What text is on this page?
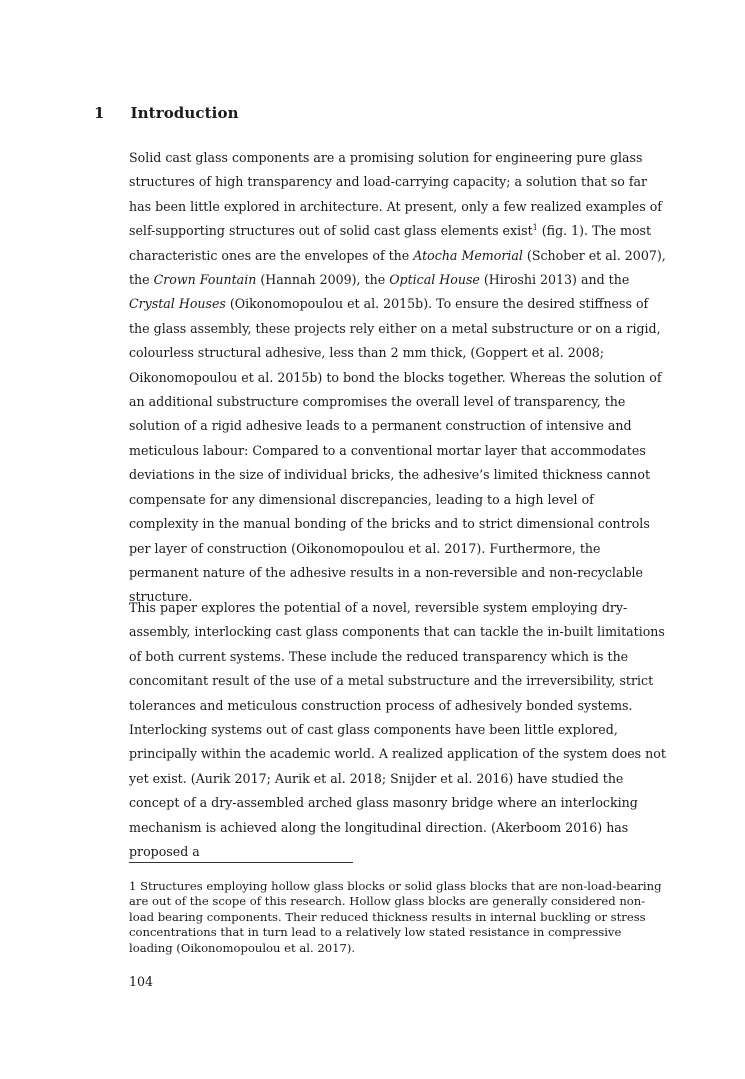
1 Introduction

Solid cast glass components are a promising solution for engineering pure glass structures of high transparency and load-carrying capacity; a solution that so far has been little explored in architecture. At present, only a few realized examples of self-supporting structures out of solid cast glass elements exist$^1$ (fig. 1). The most characteristic ones are the envelopes of the Atocha Memorial (Schober et al. 2007), the Crown Fountain (Hannah 2009), the Optical House (Hiroshi 2013) and the Crystal Houses (Oikonomopoulou et al. 2015b). To ensure the desired stiffness of the glass assembly, these projects rely either on a metal substructure or on a rigid, colourless structural adhesive, less than 2 mm thick, (Goppert et al. 2008; Oikonomopoulou et al. 2015b) to bond the blocks together. Whereas the solution of an additional substructure compromises the overall level of transparency, the solution of a rigid adhesive leads to a permanent construction of intensive and meticulous labour: Compared to a conventional mortar layer that accommodates deviations in the size of individual bricks, the adhesive’s limited thickness cannot compensate for any dimensional discrepancies, leading to a high level of complexity in the manual bonding of the bricks and to strict dimensional controls per layer of construction (Oikonomopoulou et al. 2017). Furthermore, the permanent nature of the adhesive results in a non-reversible and non-recyclable structure.

This paper explores the potential of a novel, reversible system employing dry-assembly, interlocking cast glass components that can tackle the in-built limitations of both current systems. These include the reduced transparency which is the concomitant result of the use of a metal substructure and the irreversibility, strict tolerances and meticulous construction process of adhesively bonded systems. Interlocking systems out of cast glass components have been little explored, principally within the academic world. A realized application of the system does not yet exist. (Aurik 2017; Aurik et al. 2018; Snijder et al. 2016) have studied the concept of a dry-assembled arched glass masonry bridge where an interlocking mechanism is achieved along the longitudinal direction. (Akerboom 2016) has proposed a

1 Structures employing hollow glass blocks or solid glass blocks that are non-load-bearing are out of the scope of this research. Hollow glass blocks are generally considered non-load bearing components. Their reduced thickness results in internal buckling or stress concentrations that in turn lead to a relatively low stated resistance in compressive loading (Oikonomopoulou et al. 2017).
104
